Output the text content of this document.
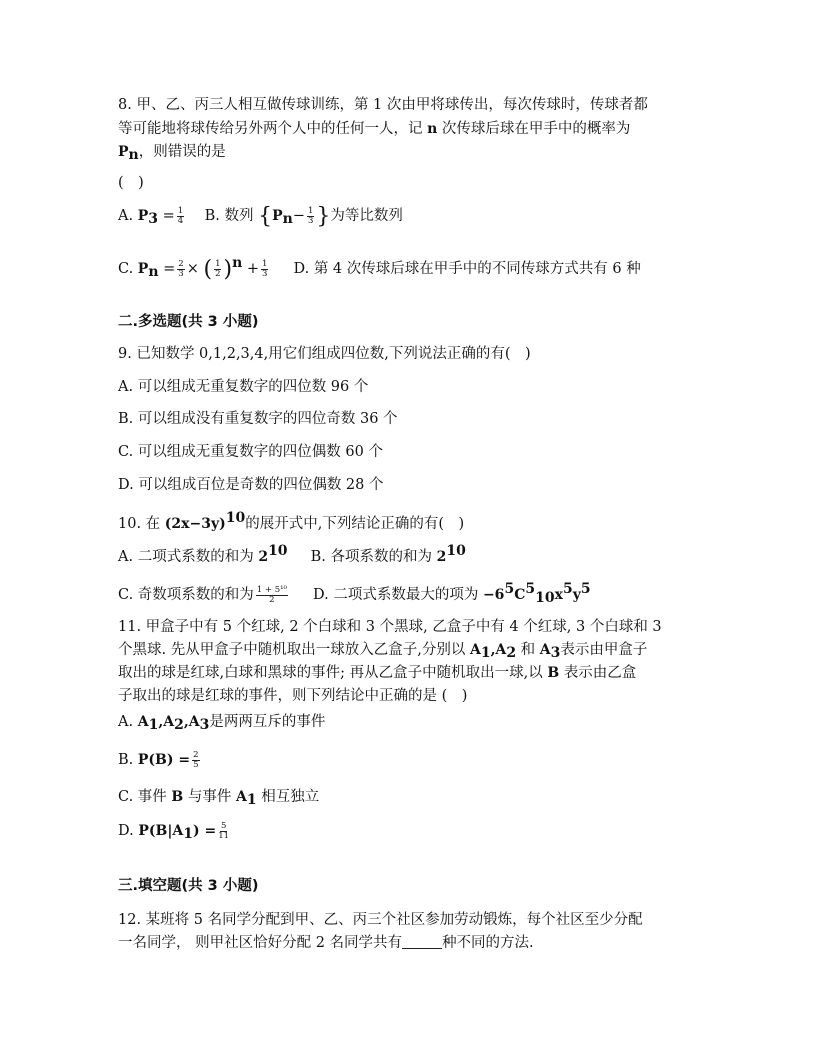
8. 甲、乙、丙三人相互做传球训练，第 1 次由甲将球传出，每次传球时，传球者都
等可能地将球传给另外两个人中的任何一人，记 n 次传球后球在甲手中的概率为
$P_n$，则错误的是
(　)
A. $P_3 = \frac{1}{4} B$. 数列 {$P_n- \frac{1}{3}$ }为等比数列
C. $P_n = \frac{2}{3}$ × ( $\frac{1}{2} )^n + \frac{1}{3} D$. 第 4 次传球后球在甲手中的不同传球方式共有 6 种
二.多选题(共 3 小题)
9. 已知数学 0,1,2,3,4,用它们组成四位数,下列说法正确的有(　)
A. 可以组成无重复数字的四位数 96 个
B. 可以组成没有重复数字的四位奇数 36 个
C. 可以组成无重复数字的四位偶数 60 个
D. 可以组成百位是奇数的四位偶数 28 个
10. 在 $(2x-3y)^{10}$的展开式中,下列结论正确的有(　)
A. 二项式系数的和为 $2^{10}$ B. 各项系数的和为 $2^{10}$
C. 奇数项系数的和为 $\frac{\text{1 + 5¹⁰}}{2} D$. 二项式系数最大的项为 $-6^5C^5_{10}x^5y^5$
11. 甲盒子中有 5 个红球, 2 个白球和 3 个黑球, 乙盒子中有 4 个红球, 3 个白球和 3
个黑球. 先从甲盒子中随机取出一球放入乙盒子,分别以 $A_1,A_2$ 和 $A_3$表示由甲盒子
取出的球是红球,白球和黑球的事件; 再从乙盒子中随机取出一球,以 B 表示由乙盒
子取出的球是红球的事件，则下列结论中正确的是 (　)
A. $A_1,A_2,A_3$是两两互斥的事件
B. $P(B) = \frac{2}{5}$
C. 事件 B 与事件 $A_1$ 相互独立
D. $P(B|A_1) = \frac{5}{11}$
三.填空题(共 3 小题)
12. 某班将 5 名同学分配到甲、乙、丙三个社区参加劳动锻炼，每个社区至少分配
一名同学， 则甲社区恰好分配 2 名同学共有	种不同的方法.
